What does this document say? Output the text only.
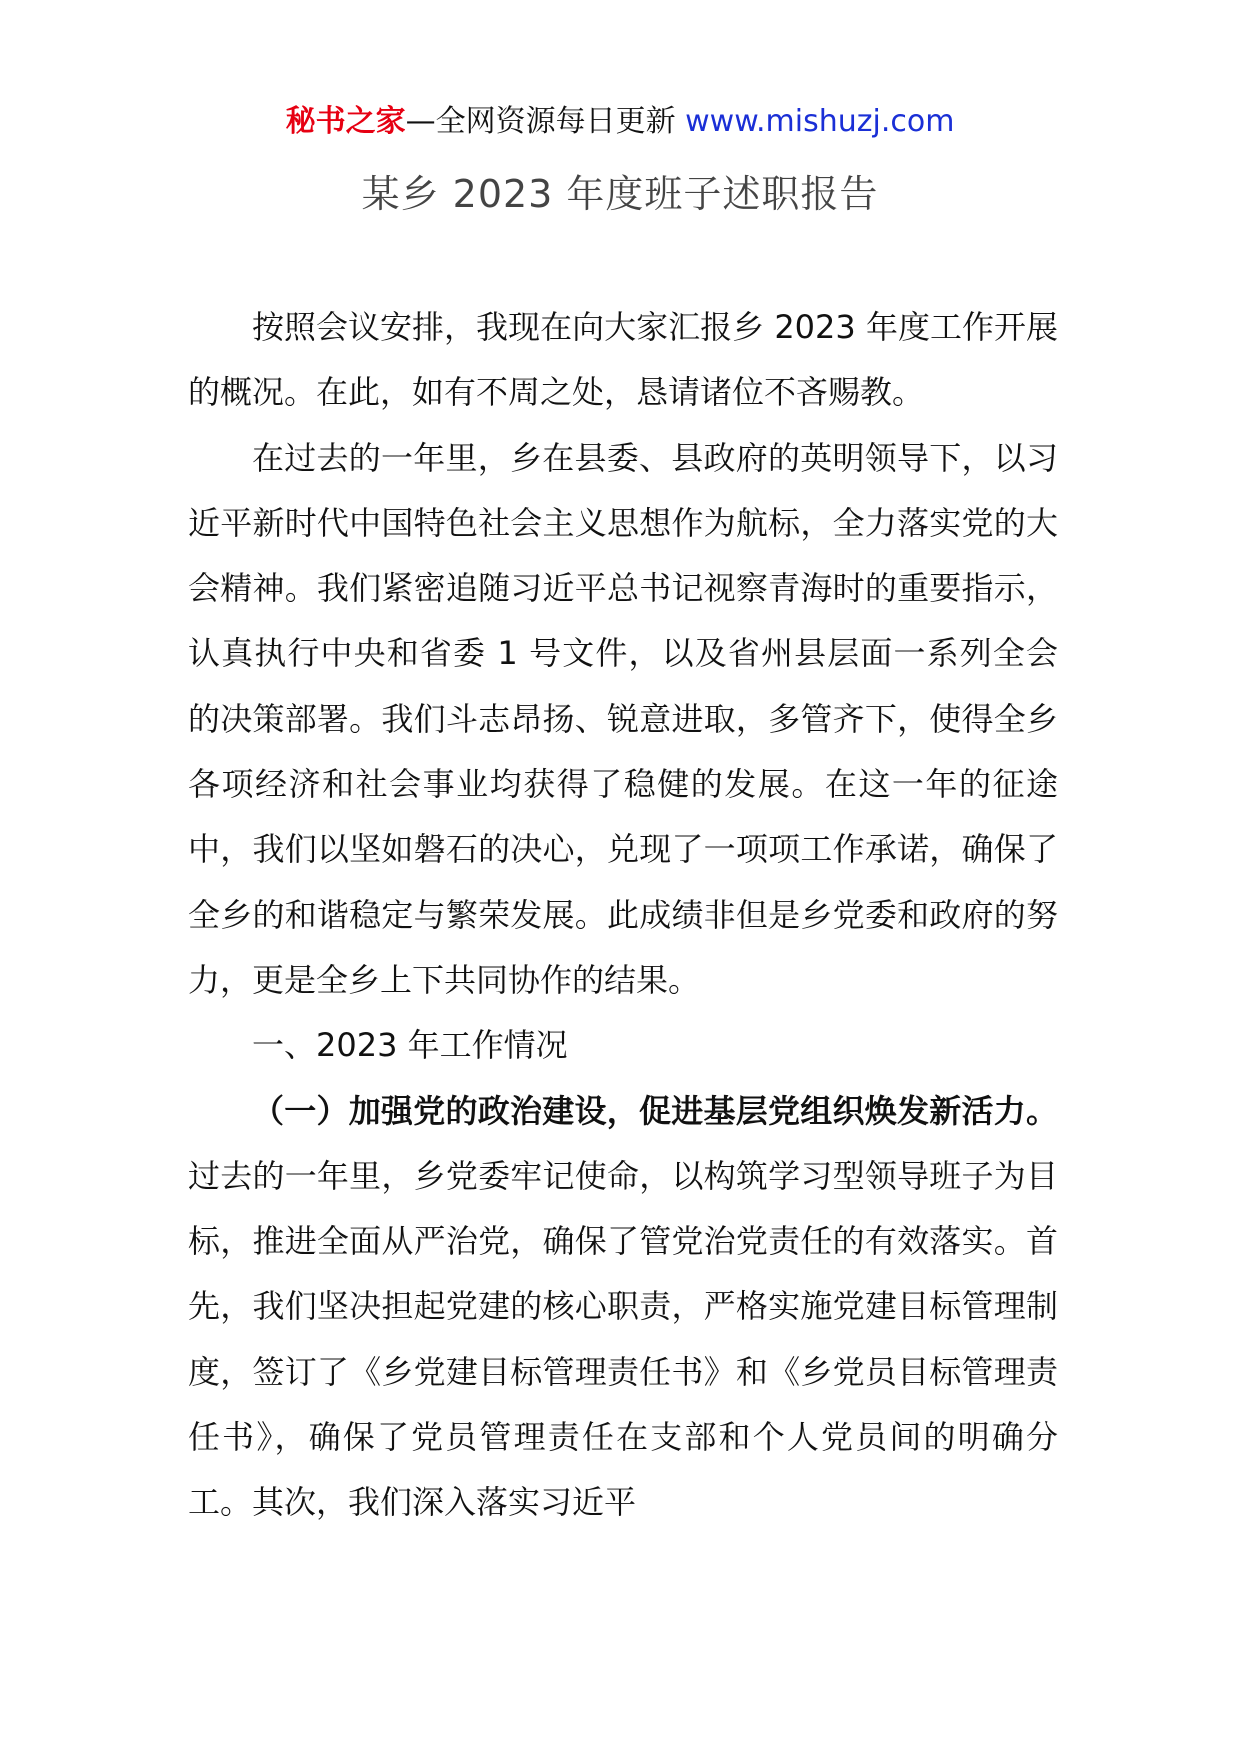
秘书之家—全网资源每日更新 www.mishuzj.com
某乡 2023 年度班子述职报告

按照会议安排，我现在向大家汇报乡 2023 年度工作开展的概况。在此，如有不周之处，恳请诸位不吝赐教。

在过去的一年里，乡在县委、县政府的英明领导下，以习近平新时代中国特色社会主义思想作为航标，全力落实党的大会精神。我们紧密追随习近平总书记视察青海时的重要指示，认真执行中央和省委 1 号文件，以及省州县层面一系列全会的决策部署。我们斗志昂扬、锐意进取，多管齐下，使得全乡各项经济和社会事业均获得了稳健的发展。在这一年的征途中，我们以坚如磐石的决心，兑现了一项项工作承诺，确保了全乡的和谐稳定与繁荣发展。此成绩非但是乡党委和政府的努力，更是全乡上下共同协作的结果。

一、2023 年工作情况

（一）加强党的政治建设，促进基层党组织焕发新活力。过去的一年里，乡党委牢记使命，以构筑学习型领导班子为目标，推进全面从严治党，确保了管党治党责任的有效落实。首先，我们坚决担起党建的核心职责，严格实施党建目标管理制度，签订了《乡党建目标管理责任书》和《乡党员目标管理责任书》，确保了党员管理责任在支部和个人党员间的明确分工。其次，我们深入落实习近平
